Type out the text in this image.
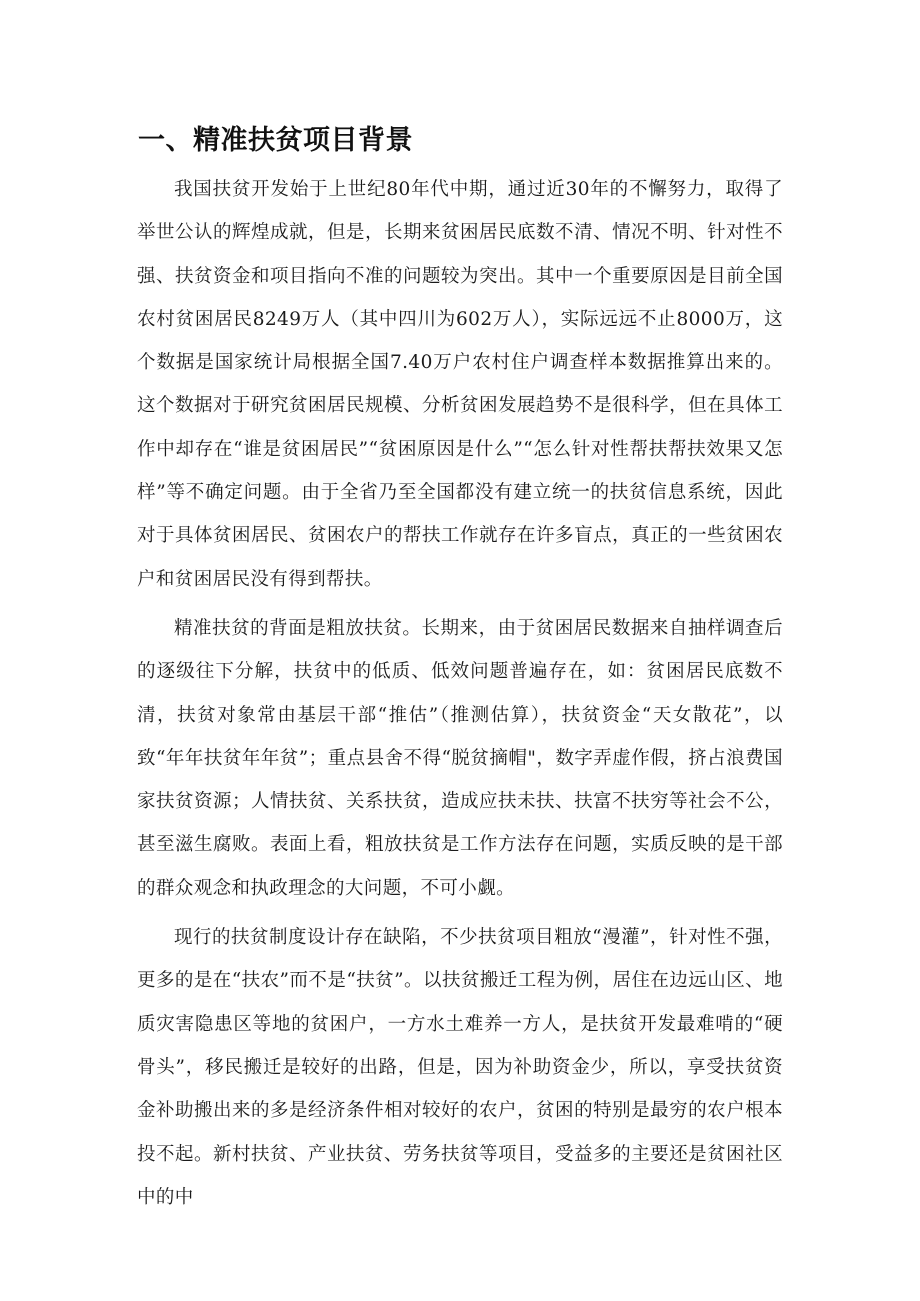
一、精准扶贫项目背景

我国扶贫开发始于上世纪80年代中期，通过近30年的不懈努力，取得了举世公认的辉煌成就，但是，长期来贫困居民底数不清、情况不明、针对性不强、扶贫资金和项目指向不准的问题较为突出。其中一个重要原因是目前全国农村贫困居民8249万人（其中四川为602万人），实际远远不止8000万，这个数据是国家统计局根据全国7.40万户农村住户调查样本数据推算出来的。这个数据对于研究贫困居民规模、分析贫困发展趋势不是很科学，但在具体工作中却存在“谁是贫困居民”“贫困原因是什么”“怎么针对性帮扶帮扶效果又怎样”等不确定问题。由于全省乃至全国都没有建立统一的扶贫信息系统，因此对于具体贫困居民、贫困农户的帮扶工作就存在许多盲点，真正的一些贫困农户和贫困居民没有得到帮扶。

精准扶贫的背面是粗放扶贫。长期来，由于贫困居民数据来自抽样调查后的逐级往下分解，扶贫中的低质、低效问题普遍存在，如：贫困居民底数不清，扶贫对象常由基层干部“推估”（推测估算），扶贫资金“天女散花”，以致“年年扶贫年年贫”；重点县舍不得“脱贫摘帽"，数字弄虚作假，挤占浪费国家扶贫资源；人情扶贫、关系扶贫，造成应扶未扶、扶富不扶穷等社会不公，甚至滋生腐败。表面上看，粗放扶贫是工作方法存在问题，实质反映的是干部的群众观念和执政理念的大问题，不可小觑。

现行的扶贫制度设计存在缺陷，不少扶贫项目粗放“漫灌”，针对性不强，更多的是在“扶农”而不是“扶贫”。以扶贫搬迁工程为例，居住在边远山区、地质灾害隐患区等地的贫困户，一方水土难养一方人，是扶贫开发最难啃的“硬骨头”，移民搬迁是较好的出路，但是，因为补助资金少，所以，享受扶贫资金补助搬出来的多是经济条件相对较好的农户，贫困的特别是最穷的农户根本投不起。新村扶贫、产业扶贫、劳务扶贫等项目，受益多的主要还是贫困社区中的中
